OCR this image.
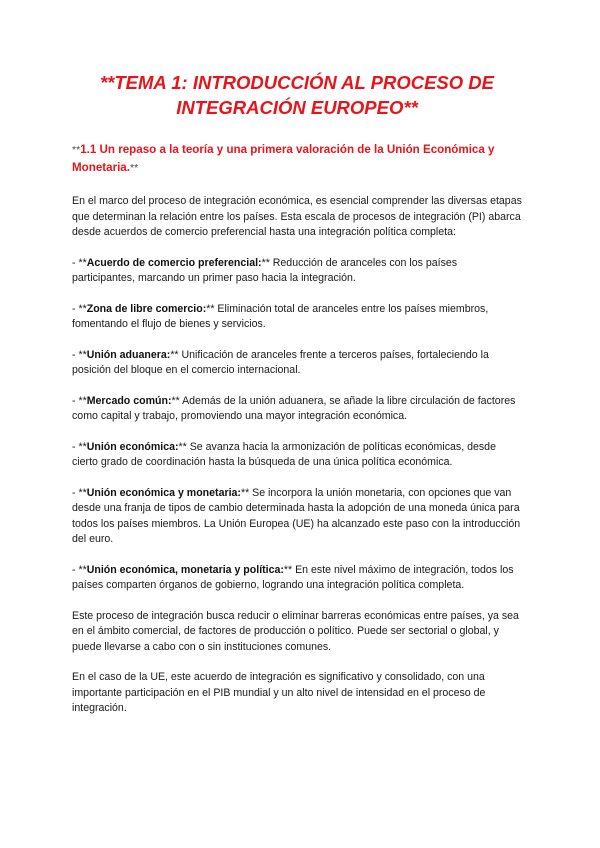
**TEMA 1: INTRODUCCIÓN AL PROCESO DE INTEGRACIÓN EUROPEO**

**1.1 Un repaso a la teoría y una primera valoración de la Unión Económica y Monetaria.**

En el marco del proceso de integración económica, es esencial comprender las diversas etapas que determinan la relación entre los países. Esta escala de procesos de integración (PI) abarca desde acuerdos de comercio preferencial hasta una integración política completa:

- **Acuerdo de comercio preferencial:** Reducción de aranceles con los países participantes, marcando un primer paso hacia la integración.

- **Zona de libre comercio:** Eliminación total de aranceles entre los países miembros, fomentando el flujo de bienes y servicios.

- **Unión aduanera:** Unificación de aranceles frente a terceros países, fortaleciendo la posición del bloque en el comercio internacional.

- **Mercado común:** Además de la unión aduanera, se añade la libre circulación de factores como capital y trabajo, promoviendo una mayor integración económica.

- **Unión económica:** Se avanza hacia la armonización de políticas económicas, desde cierto grado de coordinación hasta la búsqueda de una única política económica.

- **Unión económica y monetaria:** Se incorpora la unión monetaria, con opciones que van desde una franja de tipos de cambio determinada hasta la adopción de una moneda única para todos los países miembros. La Unión Europea (UE) ha alcanzado este paso con la introducción del euro.

- **Unión económica, monetaria y política:** En este nivel máximo de integración, todos los países comparten órganos de gobierno, logrando una integración política completa.

Este proceso de integración busca reducir o eliminar barreras económicas entre países, ya sea en el ámbito comercial, de factores de producción o político. Puede ser sectorial o global, y puede llevarse a cabo con o sin instituciones comunes.

En el caso de la UE, este acuerdo de integración es significativo y consolidado, con una importante participación en el PIB mundial y un alto nivel de intensidad en el proceso de integración.
